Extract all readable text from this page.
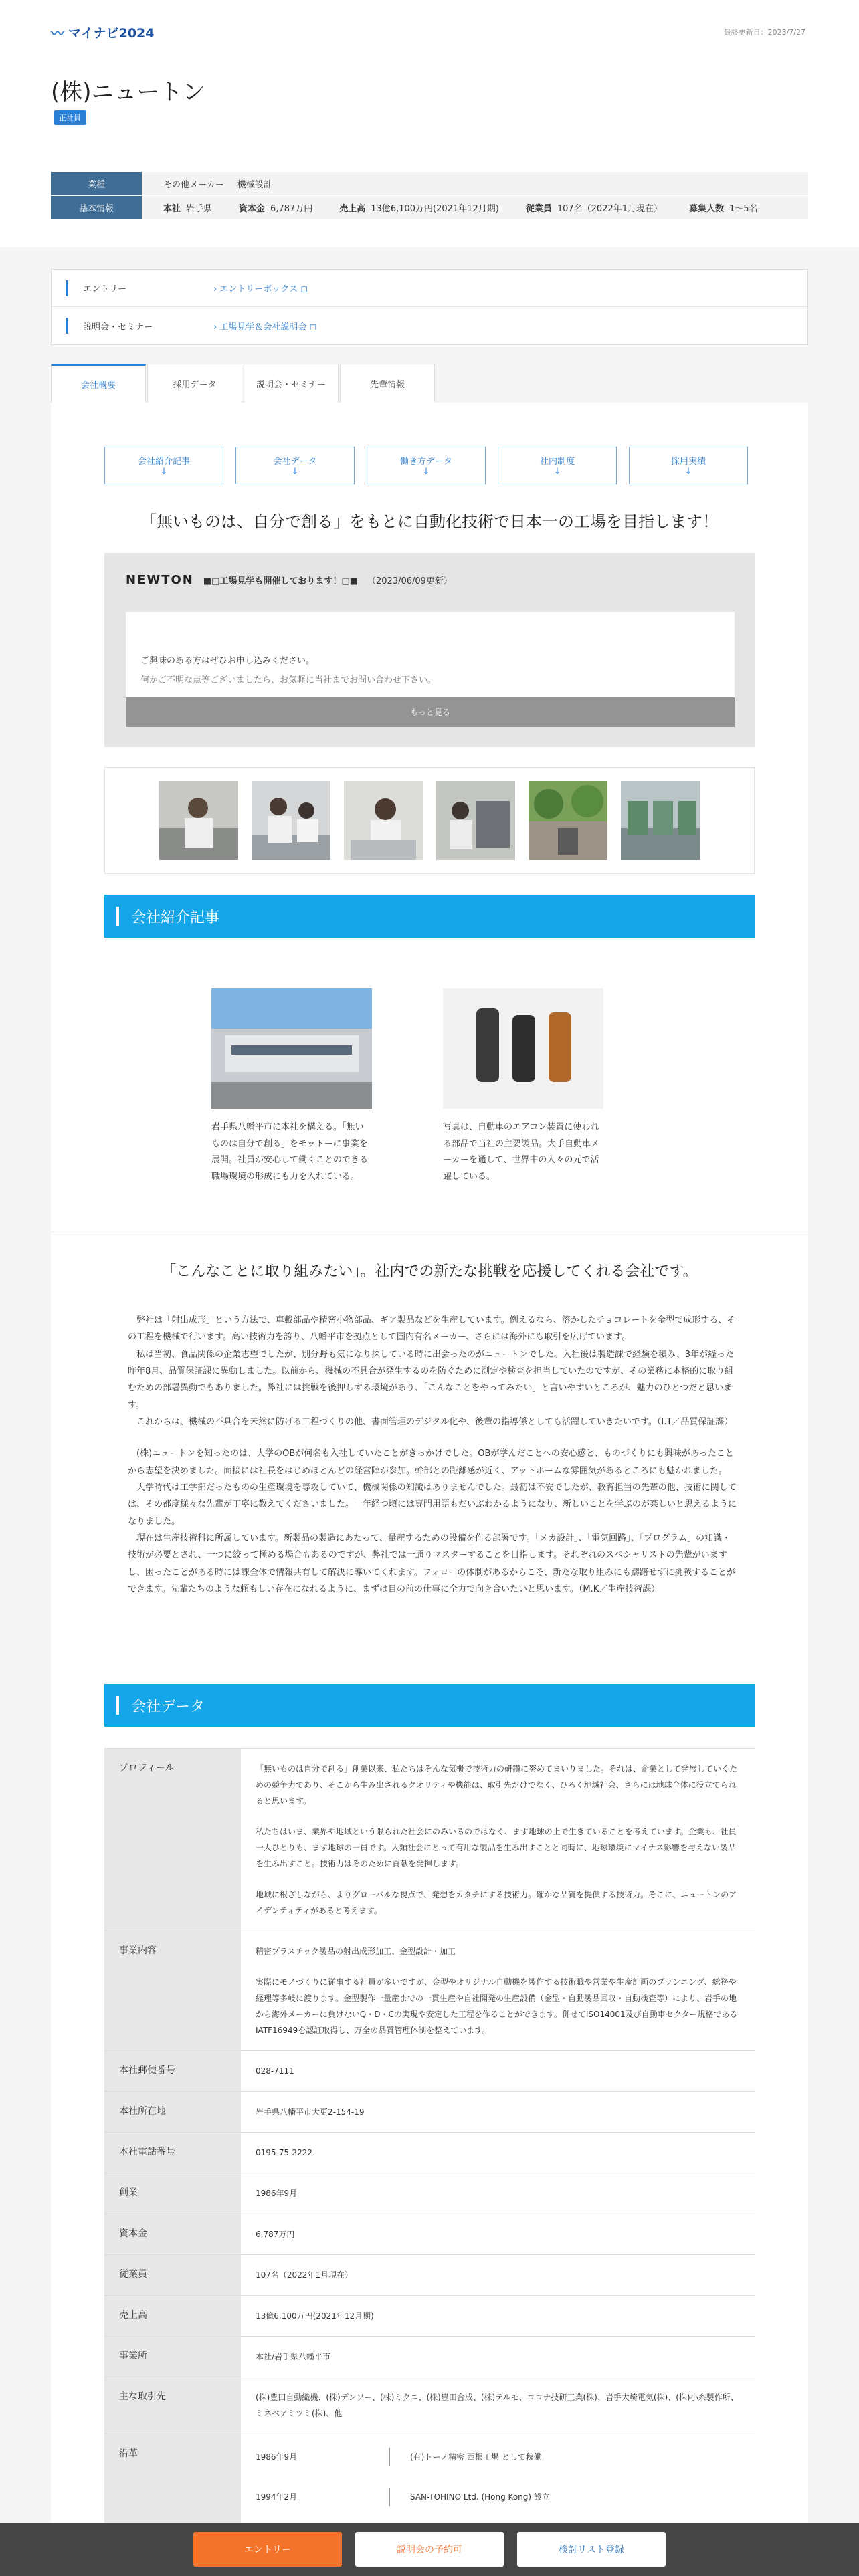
〰 マイナビ2024	最終更新日：2023/7/27
(株)ニュートン
正社員
業種	その他メーカー 機械設計
基本情報	本社 岩手県	資本金 6,787万円	売上高 13億6,100万円(2021年12月期)	従業員 107名（2022年1月現在）	募集人数 1〜5名
エントリー	› エントリーボックス ◻
説明会・セミナー	› 工場見学＆会社説明会 ◻
会社概要	採用データ	説明会・セミナー	先輩情報
会社紹介記事
↓
会社データ
↓
働き方データ
↓
社内制度
↓
採用実績
↓
「無いものは、自分で創る」をもとに自動化技術で日本一の工場を目指します！
NEWTON ■□工場見学も開催しております！□■ （2023/06/09更新）
ご興味のある方はぜひお申し込みください。
何かご不明な点等ございましたら、お気軽に当社までお問い合わせ下さい。
もっと見る
会社紹介記事
岩手県八幡平市に本社を構える。「無いものは自分で創る」をモットーに事業を展開。社員が安心して働くことのできる職場環境の形成にも力を入れている。
写真は、自動車のエアコン装置に使われる部品で当社の主要製品。大手自動車メーカーを通して、世界中の人々の元で活躍している。
「こんなことに取り組みたい」。社内での新たな挑戦を応援してくれる会社です。

弊社は「射出成形」という方法で、車載部品や精密小物部品、ギア製品などを生産しています。例えるなら、溶かしたチョコレートを金型で成形する、その工程を機械で行います。高い技術力を誇り、八幡平市を拠点として国内有名メーカー、さらには海外にも取引を広げています。

私は当初、食品関係の企業志望でしたが、別分野も気になり探している時に出会ったのがニュートンでした。入社後は製造課で経験を積み、3年が経った昨年8月、品質保証課に異動しました。以前から、機械の不具合が発生するのを防ぐために測定や検査を担当していたのですが、その業務に本格的に取り組むための部署異動でもありました。弊社には挑戦を後押しする環境があり、「こんなことをやってみたい」と言いやすいところが、魅力のひとつだと思います。

これからは、機械の不具合を未然に防げる工程づくりの他、書面管理のデジタル化や、後輩の指導係としても活躍していきたいです。（I.T／品質保証課）

(株)ニュートンを知ったのは、大学のOBが何名も入社していたことがきっかけでした。OBが学んだことへの安心感と、ものづくりにも興味があったことから志望を決めました。面接には社長をはじめほとんどの経営陣が参加。幹部との距離感が近く、アットホームな雰囲気があるところにも魅かれました。

大学時代は工学部だったものの生産環境を専攻していて、機械関係の知識はありませんでした。最初は不安でしたが、教育担当の先輩の他、技術に関しては、その都度様々な先輩が丁寧に教えてくださいました。一年経つ頃には専門用語もだいぶわかるようになり、新しいことを学ぶのが楽しいと思えるようになりました。

現在は生産技術科に所属しています。新製品の製造にあたって、量産するための設備を作る部署です。「メカ設計」、「電気回路」、「プログラム」の知識・技術が必要とされ、一つに絞って極める場合もあるのですが、弊社では一通りマスターすることを目指します。それぞれのスペシャリストの先輩がいますし、困ったことがある時には課全体で情報共有して解決に導いてくれます。フォローの体制があるからこそ、新たな取り組みにも躊躇せずに挑戦することができます。先輩たちのような頼もしい存在になれるように、まずは目の前の仕事に全力で向き合いたいと思います。（M.K／生産技術課）

会社データ
プロフィール	「無いものは自分で創る」創業以来、私たちはそんな気概で技術力の研鑽に努めてまいりました。それは、企業として発展していくための競争力であり、そこから生み出されるクオリティや機能は、取引先だけでなく、ひろく地域社会、さらには地球全体に役立てられると思います。

私たちはいま、業界や地域という限られた社会にのみいるのではなく、まず地球の上で生きていることを考えています。企業も、社員一人ひとりも、まず地球の一員です。人類社会にとって有用な製品を生み出すことと同時に、地球環境にマイナス影響を与えない製品を生み出すこと。技術力はそのために貢献を発揮します。

地域に根ざしながら、よりグローバルな視点で、発想をカタチにする技術力。確かな品質を提供する技術力。そこに、ニュートンのアイデンティティがあると考えます。

事業内容	精密プラスチック製品の射出成形加工、金型設計・加工

実際にモノづくりに従事する社員が多いですが、金型やオリジナル自動機を製作する技術職や営業や生産計画のプランニング、総務や経理等多岐に渡ります。金型製作一量産までの一貫生産や自社開発の生産設備（金型・自動製品回収・自動検査等）により、岩手の地から海外メーカーに負けないQ・D・Cの実現や安定した工程を作ることができます。併せてISO14001及び自動車セクター規格であるIATF16949を認証取得し、万全の品質管理体制を整えています。

本社郵便番号	028-7111
本社所在地	岩手県八幡平市大更2-154-19
本社電話番号	0195-75-2222
創業	1986年9月
資本金	6,787万円
従業員	107名（2022年1月現在）
売上高	13億6,100万円(2021年12月期)
事業所	本社/岩手県八幡平市
主な取引先	(株)豊田自動織機、(株)デンソー、(株)ミクニ、(株)豊田合成、(株)テルモ、コロナ技研工業(株)、岩手大崎電気(株)、(株)小糸製作所、ミネベアミツミ(株)、他
沿革	1986年9月	(有)トーノ精密 西根工場 として稼働
1994年2月	SAN-TOHINO Ltd. (Hong Kong) 設立
エントリー	説明会の予約可	検討リスト登録
